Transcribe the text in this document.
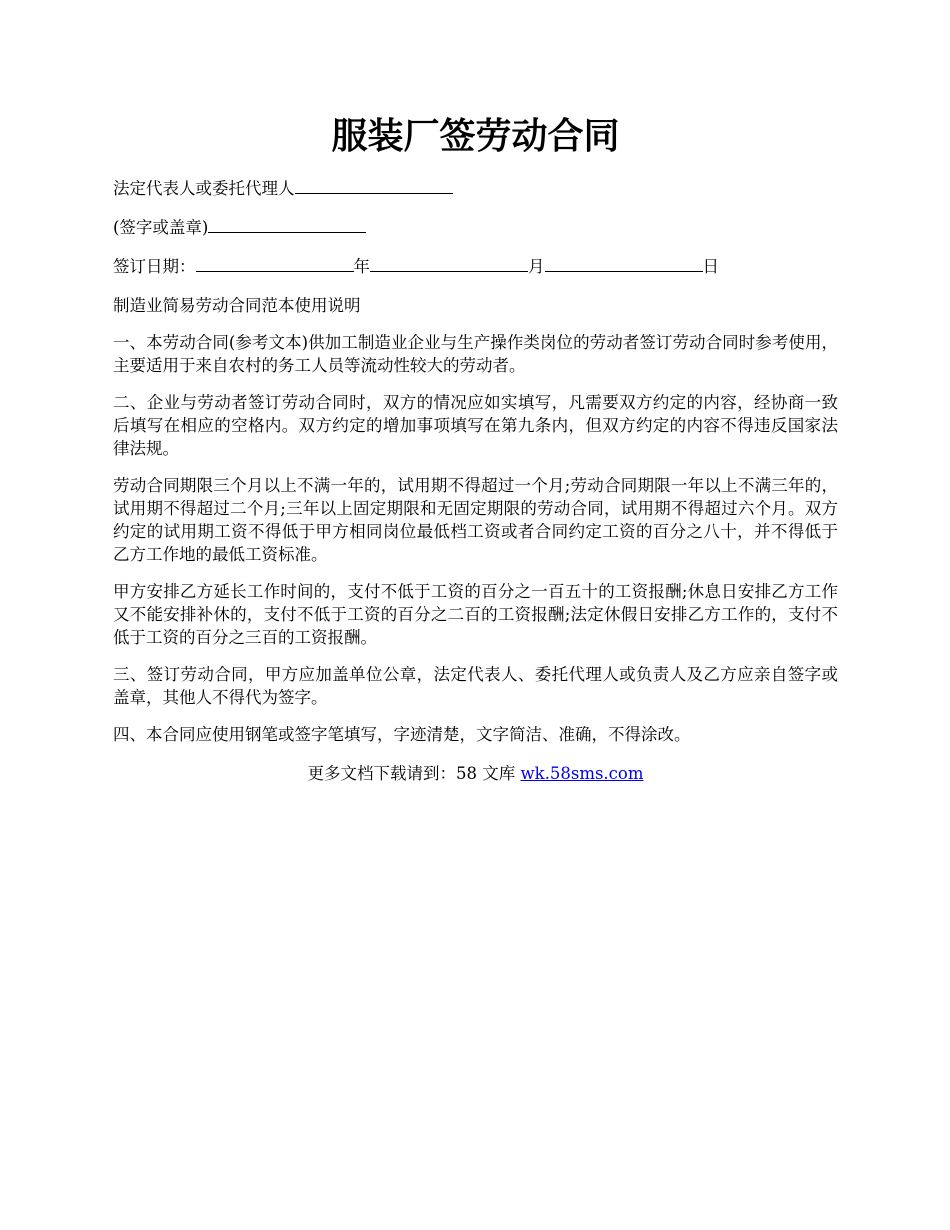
服装厂签劳动合同

法定代表人或委托代理人

(签字或盖章)

签订日期：	年	月	日

制造业简易劳动合同范本使用说明

一、本劳动合同(参考文本)供加工制造业企业与生产操作类岗位的劳动者签订劳动合同时参考使用，主要适用于来自农村的务工人员等流动性较大的劳动者。

二、企业与劳动者签订劳动合同时，双方的情况应如实填写，凡需要双方约定的内容，经协商一致后填写在相应的空格内。双方约定的增加事项填写在第九条内，但双方约定的内容不得违反国家法律法规。

劳动合同期限三个月以上不满一年的，试用期不得超过一个月;劳动合同期限一年以上不满三年的，试用期不得超过二个月;三年以上固定期限和无固定期限的劳动合同，试用期不得超过六个月。双方约定的试用期工资不得低于甲方相同岗位最低档工资或者合同约定工资的百分之八十，并不得低于乙方工作地的最低工资标准。

甲方安排乙方延长工作时间的，支付不低于工资的百分之一百五十的工资报酬;休息日安排乙方工作又不能安排补休的，支付不低于工资的百分之二百的工资报酬;法定休假日安排乙方工作的，支付不低于工资的百分之三百的工资报酬。

三、签订劳动合同，甲方应加盖单位公章，法定代表人、委托代理人或负责人及乙方应亲自签字或盖章，其他人不得代为签字。

四、本合同应使用钢笔或签字笔填写，字迹清楚，文字简洁、准确，不得涂改。

更多文档下载请到：58 文库 wk.58sms.com
